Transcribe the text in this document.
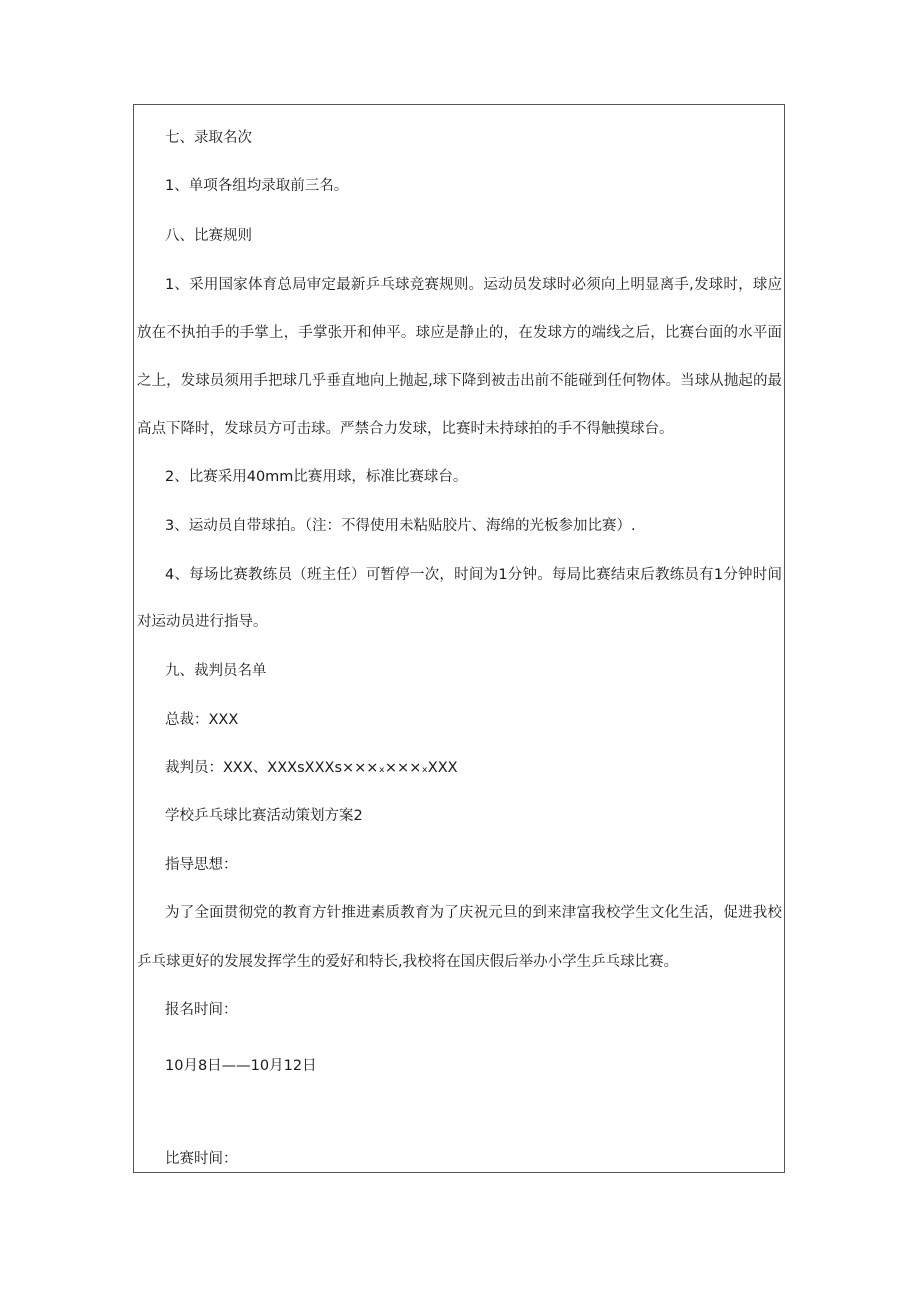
七、录取名次
1、单项各组均录取前三名。
八、比赛规则
1、采用国家体育总局审定最新乒乓球竞赛规则。运动员发球时必须向上明显离手,发球时，球应
放在不执拍手的手掌上，手掌张开和伸平。球应是静止的，在发球方的端线之后，比赛台面的水平面
之上，发球员须用手把球几乎垂直地向上抛起,球下降到被击出前不能碰到任何物体。当球从抛起的最
高点下降时，发球员方可击球。严禁合力发球，比赛时未持球拍的手不得触摸球台。
2、比赛采用40mm比赛用球，标准比赛球台。
3、运动员自带球拍。（注：不得使用未粘贴胶片、海绵的光板参加比赛）.
4、每场比赛教练员（班主任）可暂停一次，时间为1分钟。每局比赛结束后教练员有1分钟时间
对运动员进行指导。
九、裁判员名单
总裁：XXX
裁判员：XXX、XXXsXXXs×××ₓ×××ₓXXX
学校乒乓球比赛活动策划方案2
指导思想：
为了全面贯彻党的教育方针推进素质教育为了庆祝元旦的到来津富我校学生文化生活，促进我校
乒乓球更好的发展发挥学生的爱好和特长,我校将在国庆假后举办小学生乒乓球比赛。
报名时间：
10月8日——10月12日
比赛时间：
